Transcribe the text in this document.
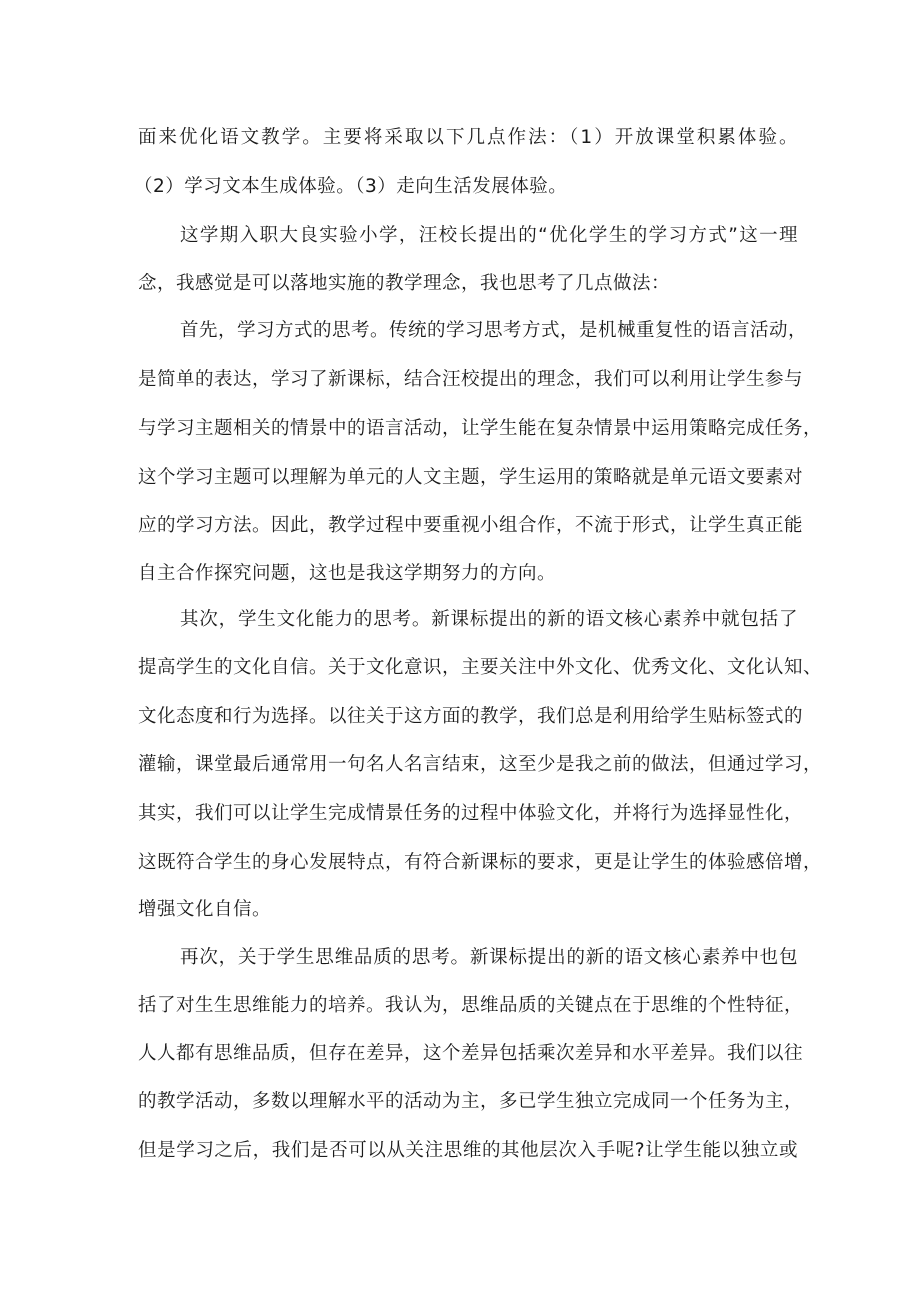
面来优化语文教学。主要将采取以下几点作法：（1）开放课堂积累体验。
（2）学习文本生成体验。（3）走向生活发展体验。
这学期入职大良实验小学，汪校长提出的“优化学生的学习方式”这一理
念，我感觉是可以落地实施的教学理念，我也思考了几点做法：
首先，学习方式的思考。传统的学习思考方式，是机械重复性的语言活动，
是简单的表达，学习了新课标，结合汪校提出的理念，我们可以利用让学生参与
与学习主题相关的情景中的语言活动，让学生能在复杂情景中运用策略完成任务，
这个学习主题可以理解为单元的人文主题，学生运用的策略就是单元语文要素对
应的学习方法。因此，教学过程中要重视小组合作，不流于形式，让学生真正能
自主合作探究问题，这也是我这学期努力的方向。
其次，学生文化能力的思考。新课标提出的新的语文核心素养中就包括了
提高学生的文化自信。关于文化意识，主要关注中外文化、优秀文化、文化认知、
文化态度和行为选择。以往关于这方面的教学，我们总是利用给学生贴标签式的
灌输，课堂最后通常用一句名人名言结束，这至少是我之前的做法，但通过学习，
其实，我们可以让学生完成情景任务的过程中体验文化，并将行为选择显性化，
这既符合学生的身心发展特点，有符合新课标的要求，更是让学生的体验感倍增，
增强文化自信。
再次，关于学生思维品质的思考。新课标提出的新的语文核心素养中也包
括了对生生思维能力的培养。我认为，思维品质的关键点在于思维的个性特征，
人人都有思维品质，但存在差异，这个差异包括乘次差异和水平差异。我们以往
的教学活动，多数以理解水平的活动为主，多已学生独立完成同一个任务为主，
但是学习之后，我们是否可以从关注思维的其他层次入手呢?让学生能以独立或
